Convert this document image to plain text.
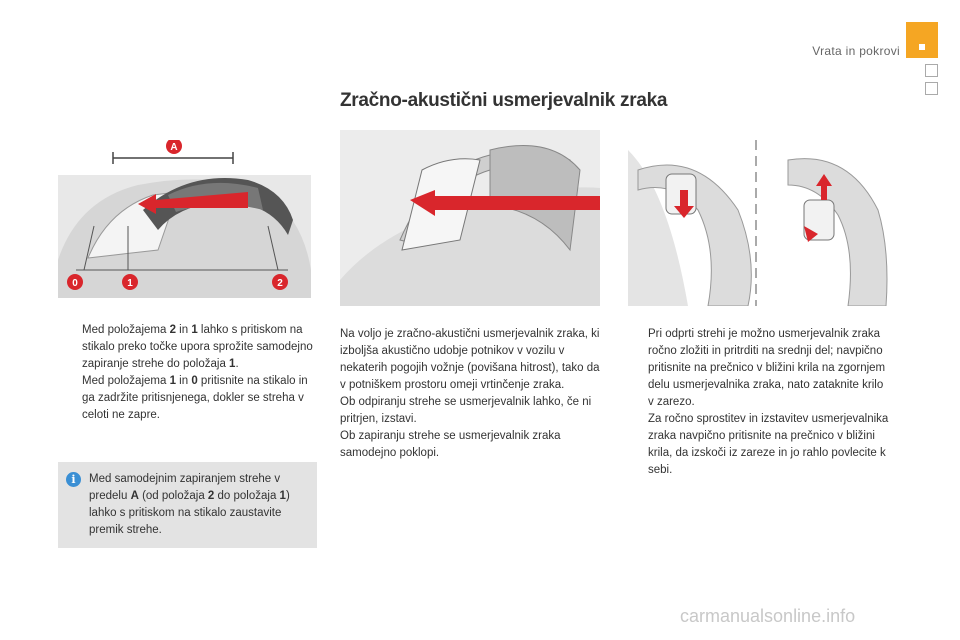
Vrata in pokrovi
Zračno-akustični usmerjevalnik zraka
A
0	1	2

Med položajema 2 in 1 lahko s pritiskom na stikalo preko točke upora sprožite samodejno zapiranje strehe do položaja 1.

Med položajema 1 in 0 pritisnite na stikalo in ga zadržite pritisnjenega, dokler se streha v celoti ne zapre.

i	Med samodejnim zapiranjem strehe v predelu A (od položaja 2 do položaja 1) lahko s pritiskom na stikalo zaustavite premik strehe.

Na voljo je zračno-akustični usmerjevalnik zraka, ki izboljša akustično udobje potnikov v vozilu v nekaterih pogojih vožnje (povišana hitrost), tako da v potniškem prostoru omeji vrtinčenje zraka.

Ob odpiranju strehe se usmerjevalnik lahko, če ni pritrjen, izstavi.

Ob zapiranju strehe se usmerjevalnik zraka samodejno poklopi.

Pri odprti strehi je možno usmerjevalnik zraka ročno zložiti in pritrditi na srednji del; navpično pritisnite na prečnico v bližini krila na zgornjem delu usmerjevalnika zraka, nato zataknite krilo v zarezo.

Za ročno sprostitev in izstavitev usmerjevalnika zraka navpično pritisnite na prečnico v bližini krila, da izskoči iz zareze in jo rahlo povlecite k sebi.

carmanualsonline.info
